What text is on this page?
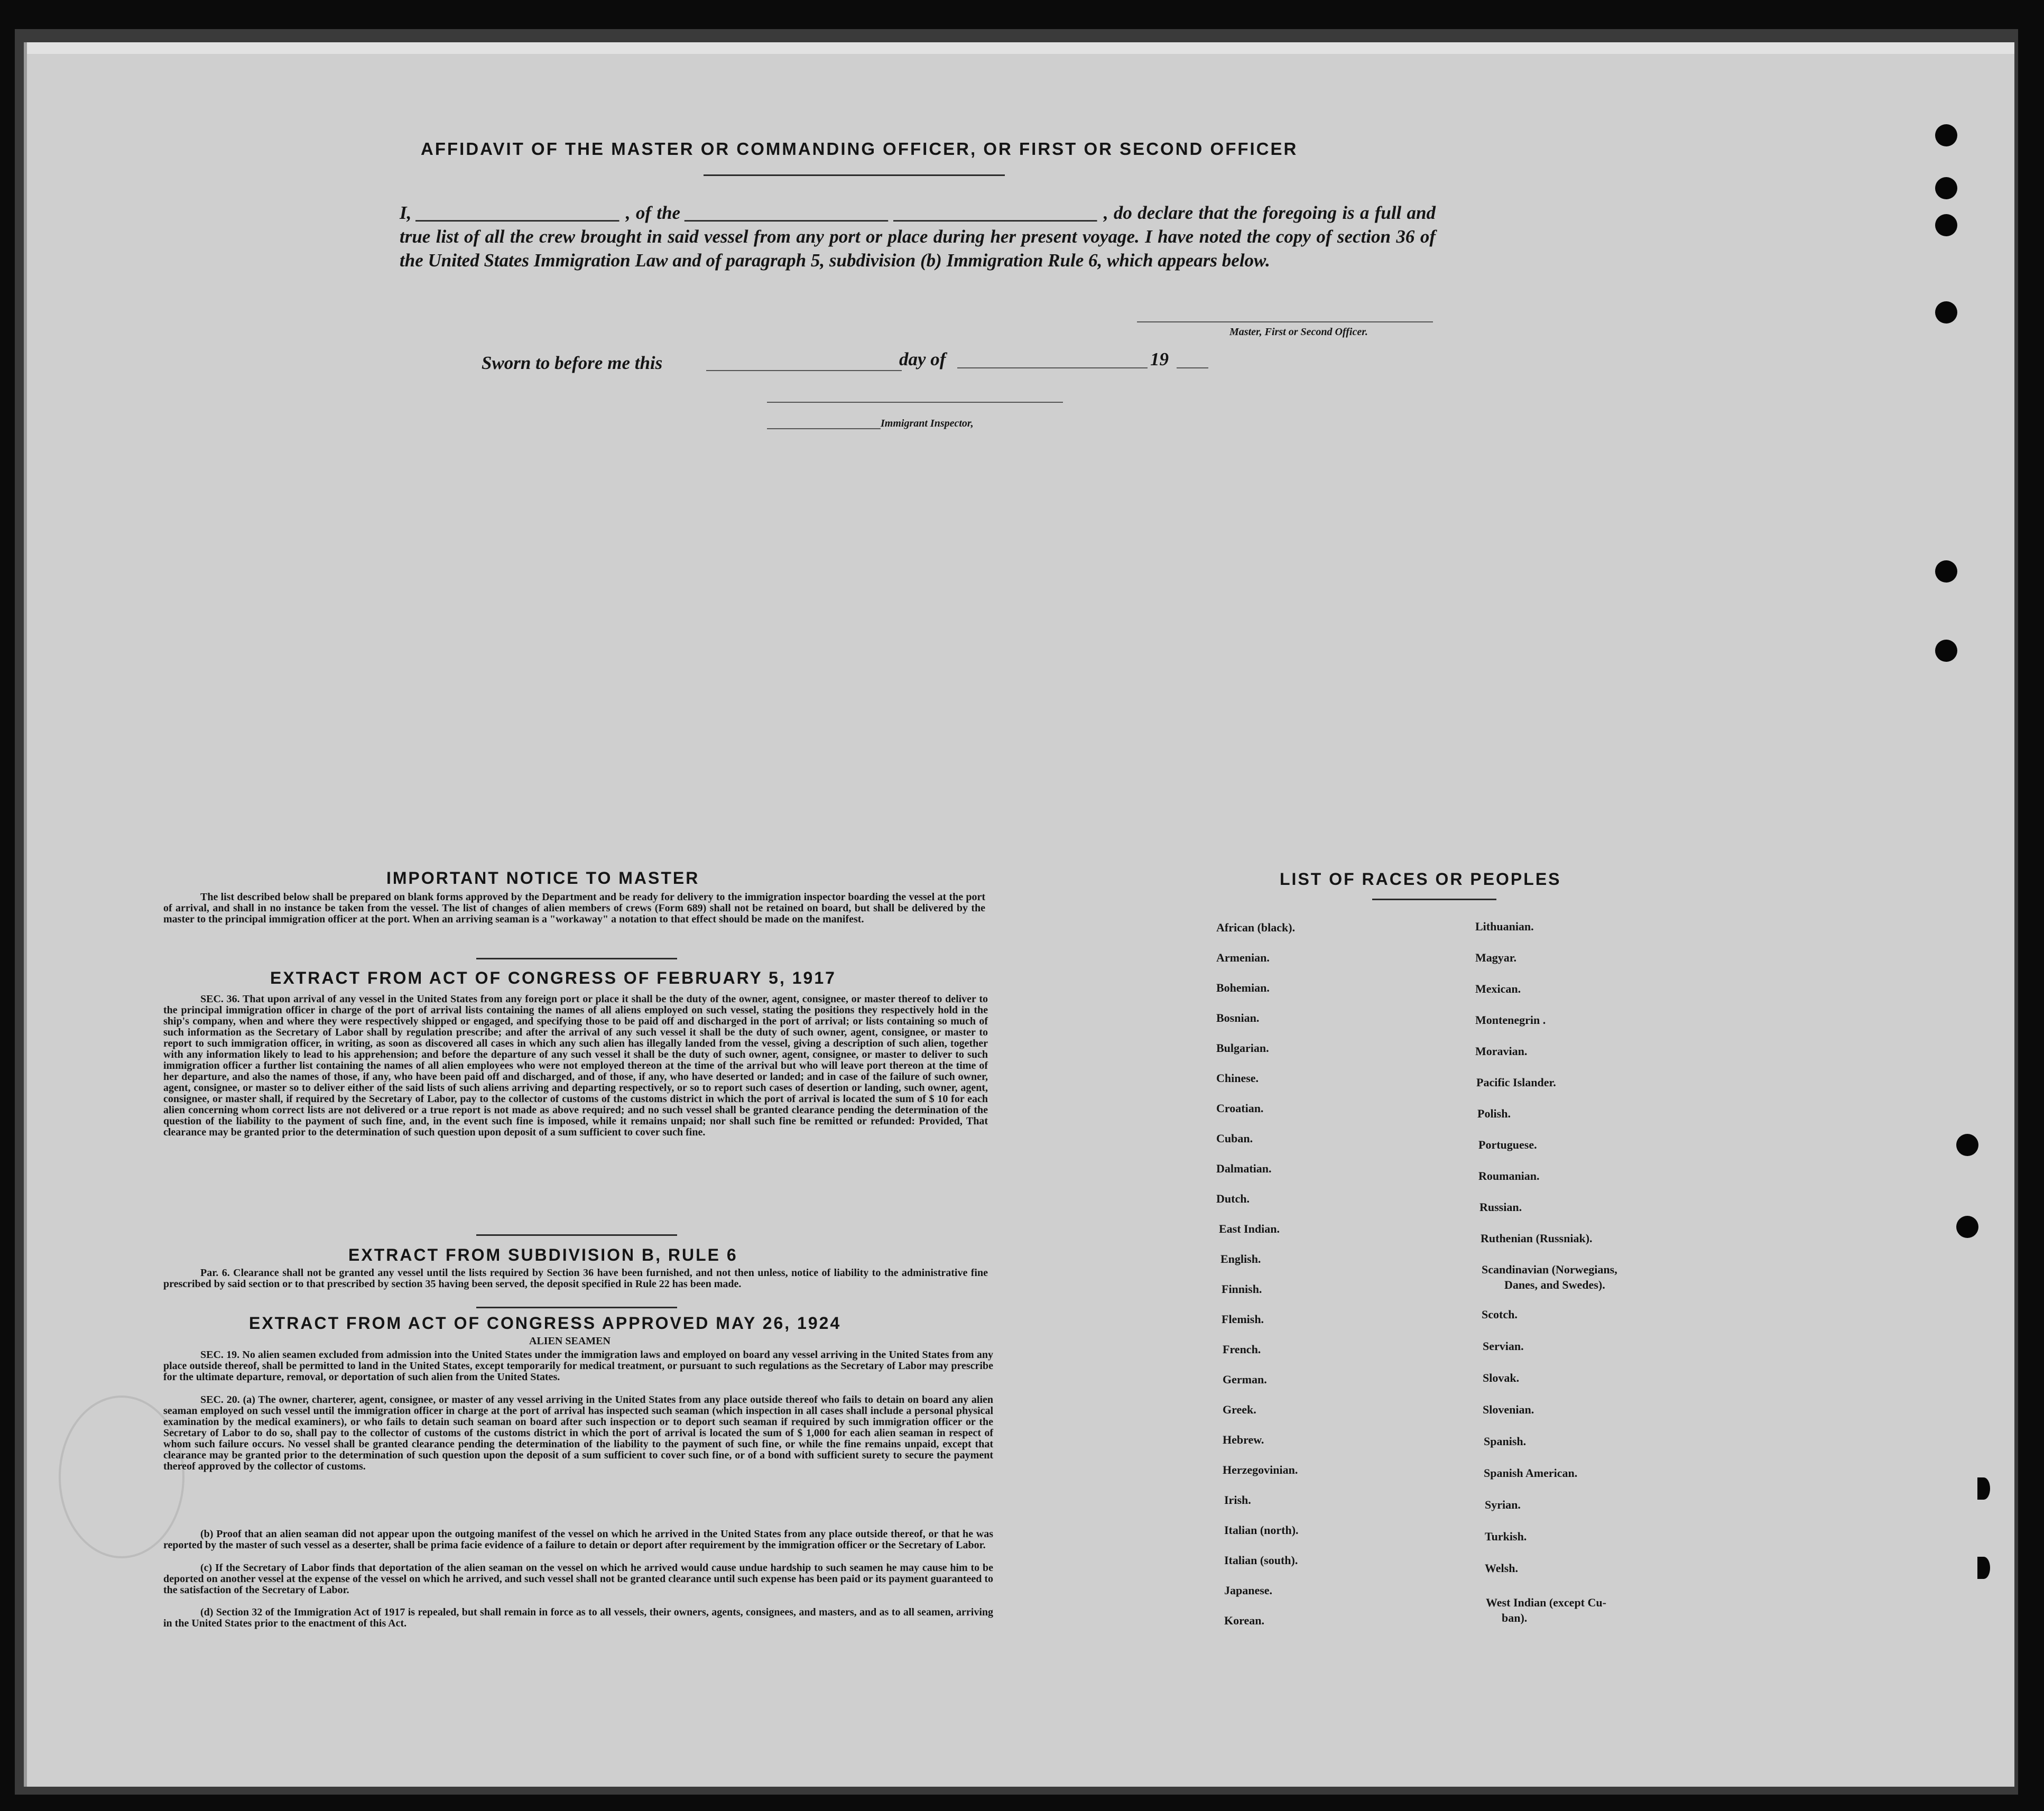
AFFIDAVIT OF THE MASTER OR COMMANDING OFFICER, OR FIRST OR SECOND OFFICER
I, ______________________ , of the ______________________ ______________________ , do declare that the foregoing is a full and true list of all the crew brought in said vessel from any port or place during her present voyage. I have noted the copy of section 36 of the United States Immigration Law and of paragraph 5, subdivision (b) Immigration Rule 6, which appears below.
Master, First or Second Officer.
Sworn to before me this	day of	19
Immigrant Inspector,
IMPORTANT NOTICE TO MASTER
The list described below shall be prepared on blank forms approved by the Department and be ready for delivery to the immigration inspector boarding the vessel at the port of arrival, and shall in no instance be taken from the vessel. The list of changes of alien members of crews (Form 689) shall not be retained on board, but shall be delivered by the master to the principal immigration officer at the port. When an arriving seaman is a "workaway" a notation to that effect should be made on the manifest.
EXTRACT FROM ACT OF CONGRESS OF FEBRUARY 5, 1917
SEC. 36. That upon arrival of any vessel in the United States from any foreign port or place it shall be the duty of the owner, agent, consignee, or master thereof to deliver to the principal immigration officer in charge of the port of arrival lists containing the names of all aliens employed on such vessel, stating the positions they respectively hold in the ship's company, when and where they were respectively shipped or engaged, and specifying those to be paid off and discharged in the port of arrival; or lists containing so much of such information as the Secretary of Labor shall by regulation prescribe; and after the arrival of any such vessel it shall be the duty of such owner, agent, consignee, or master to report to such immigration officer, in writing, as soon as discovered all cases in which any such alien has illegally landed from the vessel, giving a description of such alien, together with any information likely to lead to his apprehension; and before the departure of any such vessel it shall be the duty of such owner, agent, consignee, or master to deliver to such immigration officer a further list containing the names of all alien employees who were not employed thereon at the time of the arrival but who will leave port thereon at the time of her departure, and also the names of those, if any, who have been paid off and discharged, and of those, if any, who have deserted or landed; and in case of the failure of such owner, agent, consignee, or master so to deliver either of the said lists of such aliens arriving and departing respectively, or so to report such cases of desertion or landing, such owner, agent, consignee, or master shall, if required by the Secretary of Labor, pay to the collector of customs of the customs district in which the port of arrival is located the sum of $ 10 for each alien concerning whom correct lists are not delivered or a true report is not made as above required; and no such vessel shall be granted clearance pending the determination of the question of the liability to the payment of such fine, and, in the event such fine is imposed, while it remains unpaid; nor shall such fine be remitted or refunded: Provided, That clearance may be granted prior to the determination of such question upon deposit of a sum sufficient to cover such fine.
EXTRACT FROM SUBDIVISION B, RULE 6
Par. 6. Clearance shall not be granted any vessel until the lists required by Section 36 have been furnished, and not then unless, notice of liability to the administrative fine prescribed by said section or to that prescribed by section 35 having been served, the deposit specified in Rule 22 has been made.
EXTRACT FROM ACT OF CONGRESS APPROVED MAY 26, 1924
ALIEN SEAMEN
SEC. 19. No alien seamen excluded from admission into the United States under the immigration laws and employed on board any vessel arriving in the United States from any place outside thereof, shall be permitted to land in the United States, except temporarily for medical treatment, or pursuant to such regulations as the Secretary of Labor may prescribe for the ultimate departure, removal, or deportation of such alien from the United States.
SEC. 20. (a) The owner, charterer, agent, consignee, or master of any vessel arriving in the United States from any place outside thereof who fails to detain on board any alien seaman employed on such vessel until the immigration officer in charge at the port of arrival has inspected such seaman (which inspection in all cases shall include a personal physical examination by the medical examiners), or who fails to detain such seaman on board after such inspection or to deport such seaman if required by such immigration officer or the Secretary of Labor to do so, shall pay to the collector of customs of the customs district in which the port of arrival is located the sum of $ 1,000 for each alien seaman in respect of whom such failure occurs. No vessel shall be granted clearance pending the determination of the liability to the payment of such fine, or while the fine remains unpaid, except that clearance may be granted prior to the determination of such question upon the deposit of a sum sufficient to cover such fine, or of a bond with sufficient surety to secure the payment thereof approved by the collector of customs.
(b) Proof that an alien seaman did not appear upon the outgoing manifest of the vessel on which he arrived in the United States from any place outside thereof, or that he was reported by the master of such vessel as a deserter, shall be prima facie evidence of a failure to detain or deport after requirement by the immigration officer or the Secretary of Labor.
(c) If the Secretary of Labor finds that deportation of the alien seaman on the vessel on which he arrived would cause undue hardship to such seamen he may cause him to be deported on another vessel at the expense of the vessel on which he arrived, and such vessel shall not be granted clearance until such expense has been paid or its payment guaranteed to the satisfaction of the Secretary of Labor.
(d) Section 32 of the Immigration Act of 1917 is repealed, but shall remain in force as to all vessels, their owners, agents, consignees, and masters, and as to all seamen, arriving in the United States prior to the enactment of this Act.
LIST OF RACES OR PEOPLES
African (black).
Armenian.
Bohemian.
Bosnian.
Bulgarian.
Chinese.
Croatian.
Cuban.
Dalmatian.
Dutch.
East Indian.
English.
Finnish.
Flemish.
French.
German.
Greek.
Hebrew.
Herzegovinian.
Irish.
Italian (north).
Italian (south).
Japanese.
Korean.
Lithuanian.
Magyar.
Mexican.
Montenegrin .
Moravian.
Pacific Islander.
Polish.
Portuguese.
Roumanian.
Russian.
Ruthenian (Russniak).
Scandinavian (Norwegians,
Danes, and Swedes).
Scotch.
Servian.
Slovak.
Slovenian.
Spanish.
Spanish American.
Syrian.
Turkish.
Welsh.
West Indian (except Cu-
ban).
